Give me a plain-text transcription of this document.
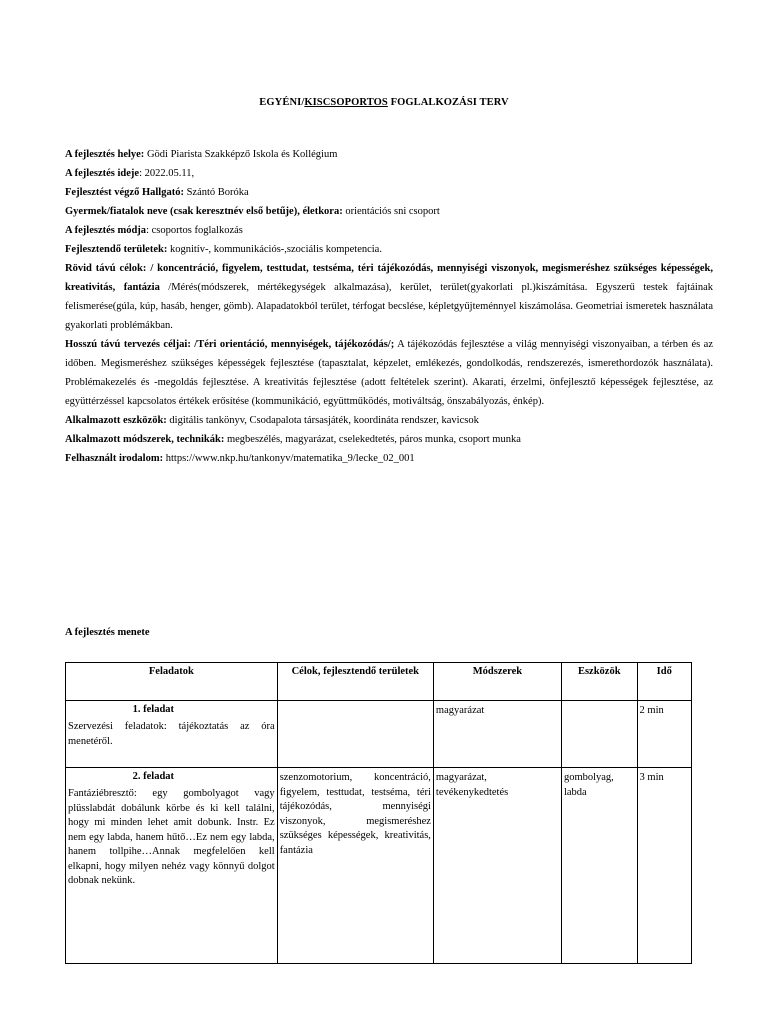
EGYÉNI/KISCSOPORTOS FOGLALKOZÁSI TERV
A fejlesztés helye: Gödi Piarista Szakképző Iskola és Kollégium
A fejlesztés ideje: 2022.05.11,
Fejlesztést végző Hallgató: Szántó Boróka
Gyermek/fiatalok neve (csak keresztnév első betűje), életkora: orientációs sni csoport
A fejlesztés módja: csoportos foglalkozás
Fejlesztendő területek: kognitív-, kommunikációs-,szociális kompetencia.
Rövid távú célok: / koncentráció, figyelem, testtudat, testséma, téri tájékozódás, mennyiségi viszonyok, megismeréshez szükséges képességek, kreativitás, fantázia /Mérés(módszerek, mértékegységek alkalmazása), kerület, terület(gyakorlati pl.)kiszámítása. Egyszerű testek fajtáinak felismerése(gúla, kúp, hasáb, henger, gömb). Alapadatokból terület, térfogat becslése, képletgyűjteménnyel kiszámolása. Geometriai ismeretek használata gyakorlati problémákban.
Hosszú távú tervezés céljai: /Téri orientáció, mennyiségek, tájékozódás/; A tájékozódás fejlesztése a világ mennyiségi viszonyaiban, a térben és az időben. Megismeréshez szükséges képességek fejlesztése (tapasztalat, képzelet, emlékezés, gondolkodás, rendszerezés, ismerethordozók használata). Problémakezelés és -megoldás fejlesztése. A kreativitás fejlesztése (adott feltételek szerint). Akarati, érzelmi, önfejlesztő képességek fejlesztése, az együttérzéssel kapcsolatos értékek erősítése (kommunikáció, együttműködés, motiváltság, önszabályozás, énkép).
Alkalmazott eszközök: digitális tankönyv, Csodapalota társasjáték, koordináta rendszer, kavicsok
Alkalmazott módszerek, technikák: megbeszélés, magyarázat, cselekedtetés, páros munka, csoport munka
Felhasznált irodalom: https://www.nkp.hu/tankonyv/matematika_9/lecke_02_001
A fejlesztés menete
Feladatok	Célok, fejlesztendő területek	Módszerek	Eszközök	Idő

1. feladat
Szervezési feladatok: tájékoztatás az óra menetéről.		magyarázat		2 min

2. feladat
Fantáziébresztő: egy gombolyagot vagy plüsslabdát dobálunk körbe és ki kell találni, hogy mi minden lehet amit dobunk. Instr. Ez nem egy labda, hanem hűtő…Ez nem egy labda, hanem tollpihe…Annak megfelelően kell elkapni, hogy milyen nehéz vagy könnyű dolgot dobnak nekünk.	szenzomotorium, koncentráció, figyelem, testtudat, testséma, téri tájékozódás, mennyiségi viszonyok, megismeréshez szükséges képességek, kreativitás, fantázia	magyarázat, tevékenykedtetés	gombolyag, labda	3 min
